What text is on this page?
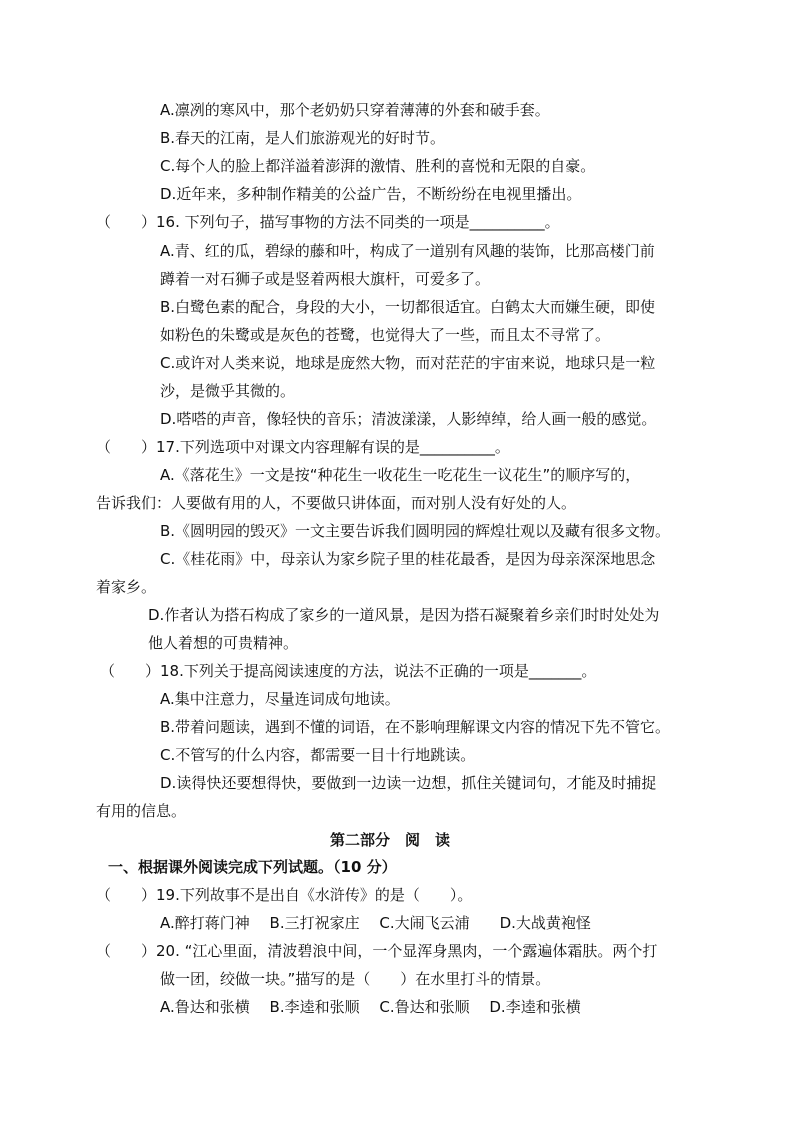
A.凛冽的寒风中，那个老奶奶只穿着薄薄的外套和破手套。
B.春天的江南，是人们旅游观光的好时节。
C.每个人的脸上都洋溢着澎湃的激情、胜利的喜悦和无限的自豪。
D.近年来，多种制作精美的公益广告，不断纷纷在电视里播出。
（　　）16. 下列句子，描写事物的方法不同类的一项是__________。
A.青、红的瓜，碧绿的藤和叶，构成了一道别有风趣的装饰，比那高楼门前
蹲着一对石狮子或是竖着两根大旗杆，可爱多了。
B.白鹭色素的配合，身段的大小，一切都很适宜。白鹤太大而嫌生硬，即使
如粉色的朱鹭或是灰色的苍鹭，也觉得大了一些，而且太不寻常了。
C.或许对人类来说，地球是庞然大物，而对茫茫的宇宙来说，地球只是一粒
沙，是微乎其微的。
D.嗒嗒的声音，像轻快的音乐；清波漾漾，人影绰绰，给人画一般的感觉。
（　　）17.下列选项中对课文内容理解有误的是__________。
A.《落花生》一文是按“种花生一收花生一吃花生一议花生”的顺序写的，
告诉我们：人要做有用的人，不要做只讲体面，而对别人没有好处的人。
B.《圆明园的毁灭》一文主要告诉我们圆明园的辉煌壮观以及藏有很多文物。
C.《桂花雨》中，母亲认为家乡院子里的桂花最香，是因为母亲深深地思念
着家乡。
D.作者认为搭石构成了家乡的一道风景，是因为搭石凝聚着乡亲们时时处处为
他人着想的可贵精神。
（　　）18.下列关于提高阅读速度的方法，说法不正确的一项是_______。
A.集中注意力，尽量连词成句地读。
B.带着问题读，遇到不懂的词语，在不影响理解课文内容的情况下先不管它。
C.不管写的什么内容，都需要一目十行地跳读。
D.读得快还要想得快，要做到一边读一边想，抓住关键词句，才能及时捕捉
有用的信息。
第二部分　阅　读
一、根据课外阅读完成下列试题。（10 分）
（　　）19.下列故事不是出自《水浒传》的是（　　）。
A.醉打蒋门神　 B.三打祝家庄　 C.大闹飞云浦　　D.大战黄袍怪
（　　）20. “江心里面，清波碧浪中间，一个显浑身黑肉，一个露遍体霜肤。两个打
做一团，绞做一块。”描写的是（　　）在水里打斗的情景。
A.鲁达和张横　 B.李逵和张顺　 C.鲁达和张顺　 D.李逵和张横
